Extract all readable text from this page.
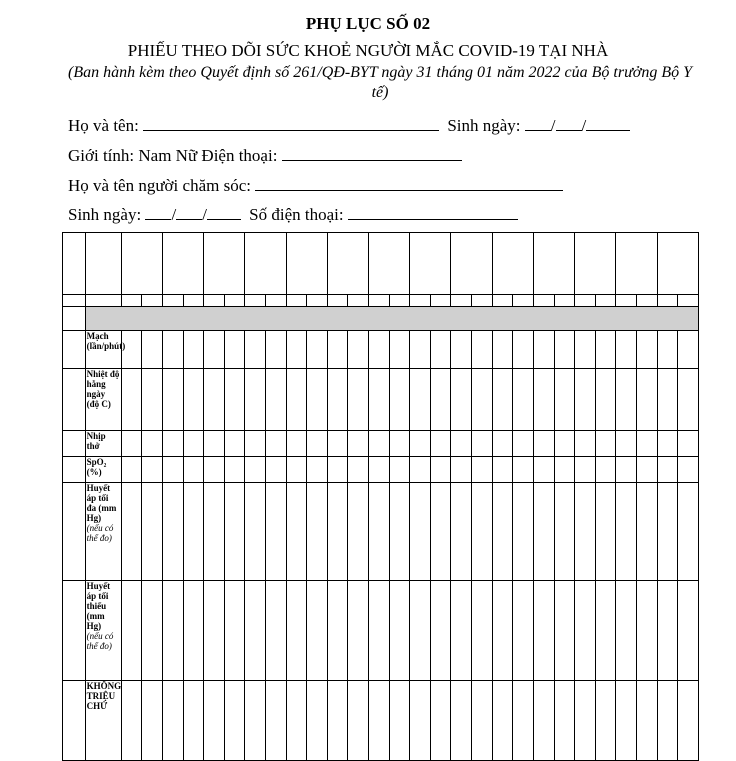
PHỤ LỤC SỐ 02
PHIẾU THEO DÕI SỨC KHOẺ NGƯỜI MẮC COVID-19 TẠI NHÀ
(Ban hành kèm theo Quyết định số 261/QĐ-BYT ngày 31 tháng 01 năm 2022 của Bộ trưởng Bộ Y tế)
Họ và tên:	Sinh ngày: / /
Giới tính: Nam Nữ Điện thoại:
Họ và tên người chăm sóc:
Sinh ngày: / / Số điện thoại:

	Mạch (lần/phút)																												
	Nhiệt độ hằng ngày (độ C)																												
	Nhịp thở																												
	SpO₂ (%)																												
	Huyết áp tối đa (mm Hg)
(nếu có thể đo)																												
	Huyết áp tối thiểu (mm Hg)
(nếu có thể đo)																												
	KHÔNG TRIỆU CHỨ																												
